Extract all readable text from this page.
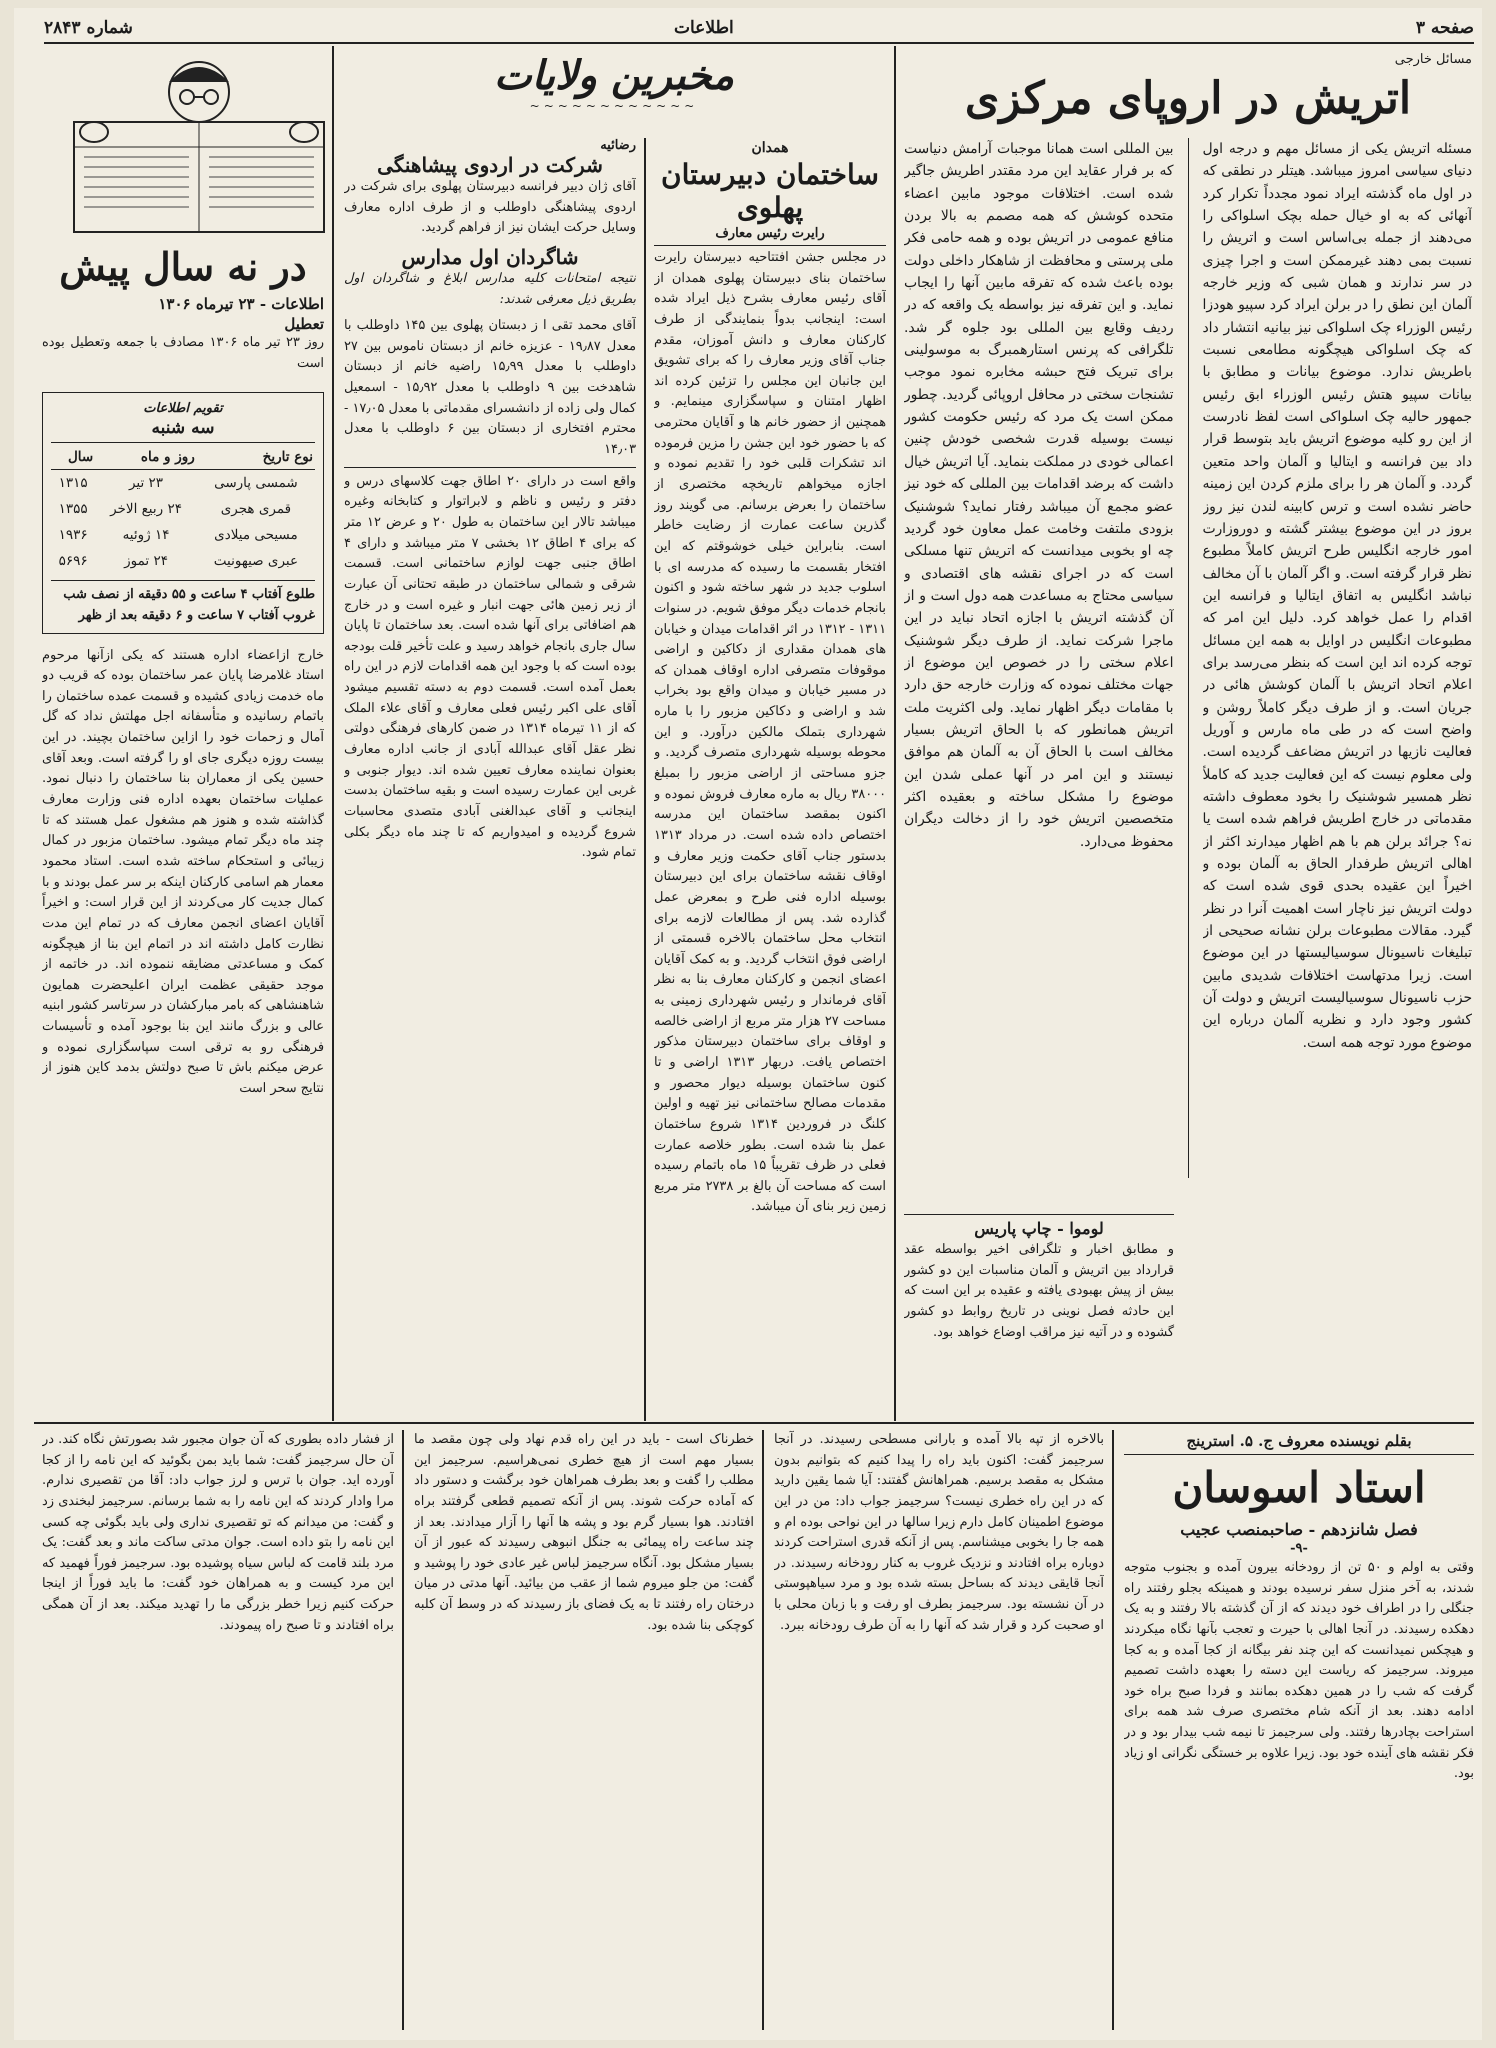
صفحه ۳
اطلاعات
شماره ۲۸۴۳

مسائل خارجی

اتریش در اروپای مرکزی

مسئله اتریش یکی از مسائل مهم و درجه اول دنیای سیاسی امروز میباشد. هیتلر در نطقی که در اول ماه گذشته ایراد نمود مجدداً تکرار کرد آنهائی که به او خیال حمله بچک اسلواکی را می‌دهند از جمله بی‌اساس است و اتریش را نسبت بمی دهند غیرممکن است و اجرا چیزی در سر ندارند و همان شبی که وزیر خارجه آلمان این نطق را در برلن ایراد کرد سپیو هودزا رئیس الوزراء چک اسلواکی نیز بیانیه انتشار داد که چک اسلواکی هیچگونه مطامعی نسبت باطریش ندارد. موضوع بیانات و مطابق با بیانات سپیو هتش رئیس الوزراء ابق رئیس جمهور حالیه چک اسلواکی است لفظ نادرست از این رو کلیه موضوع اتریش باید بتوسط قرار داد بین فرانسه و ایتالیا و آلمان واحد متعین گردد. و آلمان هر را برای ملزم کردن این زمینه حاضر نشده است و ترس کابینه لندن نیز روز بروز در این موضوع بیشتر گشته و دوروزارت امور خارجه انگلیس طرح اتریش کاملاً مطبوع نظر قرار گرفته است. و اگر آلمان با آن مخالف نباشد انگلیس به اتفاق ایتالیا و فرانسه این اقدام را عمل خواهد کرد. دلیل این امر که مطبوعات انگلیس در اوایل به همه این مسائل توجه کرده اند این است که بنظر می‌رسد برای اعلام اتحاد اتریش با آلمان کوشش هائی در جریان است. و از طرف دیگر کاملاً روشن و واضح است که در طی ماه مارس و آوریل فعالیت نازیها در اتریش مضاعف گردیده است. ولی معلوم نیست که این فعالیت جدید که کاملاً نظر همسیر شوشنیک را بخود معطوف داشته مقدماتی در خارج اطریش فراهم شده است یا نه؟ جرائد برلن هم با هم اظهار میدارند اکثر از اهالی اتریش طرفدار الحاق به آلمان بوده و اخیراً این عقیده بحدی قوی شده است که دولت اتریش نیز ناچار است اهمیت آنرا در نظر گیرد. مقالات مطبوعات برلن نشانه صحیحی از تبلیغات ناسیونال سوسیالیستها در این موضوع است. زیرا مدتهاست اختلافات شدیدی مابین حزب ناسیونال سوسیالیست اتریش و دولت آن کشور وجود دارد و نظریه آلمان درباره این موضوع مورد توجه همه است.

بین المللی است همانا موجبات آرامش دنیاست که بر فرار عقاید این مرد مقتدر اطریش جاگیر شده است. اختلافات موجود مابین اعضاء متحده کوشش که همه مصمم به بالا بردن منافع عمومی در اتریش بوده و همه حامی فکر ملی پرستی و محافظت از شاهکار داخلی دولت بوده باعث شده که تفرقه مابین آنها را ایجاب نماید. و این تفرقه نیز بواسطه یک واقعه که در ردیف وقایع بین المللی بود جلوه گر شد. تلگرافی که پرنس استارهمبرگ به موسولینی برای تبریک فتح حبشه مخابره نمود موجب تشنجات سختی در محافل اروپائی گردید. چطور ممکن است یک مرد که رئیس حکومت کشور نیست بوسیله قدرت شخصی خودش چنین اعمالی خودی در مملکت بنماید. آیا اتریش خیال داشت که برضد اقدامات بین المللی که خود نیز عضو مجمع آن میباشد رفتار نماید؟ شوشنیک بزودی ملتفت وخامت عمل معاون خود گردید چه او بخوبی میدانست که اتریش تنها مسلکی است که در اجرای نقشه های اقتصادی و سیاسی محتاج به مساعدت همه دول است و از آن گذشته اتریش با اجازه اتحاد نباید در این ماجرا شرکت نماید. از طرف دیگر شوشنیک اعلام سختی را در خصوص این موضوع از جهات مختلف نموده که وزارت خارجه حق دارد با مقامات دیگر اظهار نماید. ولی اکثریت ملت اتریش همانطور که با الحاق اتریش بسیار مخالف است با الحاق آن به آلمان هم موافق نیستند و این امر در آنها عملی شدن این موضوع را مشکل ساخته و بعقیده اکثر متخصصین اتریش خود را از دخالت دیگران محفوظ می‌دارد.

لومو‌ا - چاپ پاریس

و مطابق اخبار و تلگرافی اخیر بواسطه عقد قرارداد بین اتریش و آلمان مناسبات این دو کشور بیش از پیش بهبودی یافته و عقیده بر این است که این حادثه فصل نوینی در تاریخ روابط دو کشور گشوده و در آتیه نیز مراقب اوضاع خواهد بود.

مخبرین ولایات
~~~~~~~~~~~~

همدان

ساختمان دبیرستان پهلوی

رایرت رئیس معارف

در مجلس جشن افتتاحیه دبیرستان رایرت ساختمان بنای دبیرستان پهلوی همدان از آقای رئیس معارف بشرح ذیل ایراد شده است: اینجانب بدواً بنمایندگی از طرف کارکنان معارف و دانش آموزان، مقدم جناب آقای وزیر معارف را که برای تشویق این جانبان این مجلس را تزئین کرده اند اظهار امتنان و سپاسگزاری مینمایم. و همچنین از حضور خانم ها و آقایان محترمی که با حضور خود این جشن را مزین فرموده اند تشکرات قلبی خود را تقدیم نموده و اجازه میخواهم تاریخچه مختصری از ساختمان را بعرض برسانم. می گویند روز گذرین ساعت عمارت از رضایت خاطر است. بنابراین خیلی خوشوقتم که این افتخار بقسمت ما رسیده که مدرسه ای با اسلوب جدید در شهر ساخته شود و اکنون بانجام خدمات دیگر موفق شویم. در سنوات ۱۳۱۱ - ۱۳۱۲ در اثر اقدامات میدان و خیابان های همدان مقداری از دکاکین و اراضی موقوفات متصرفی اداره اوقاف همدان که در مسیر خیابان و میدان واقع بود بخراب شد و اراضی و دکاکین مزبور را با ماره شهرداری بتملک مالکین درآورد. و این محوطه بوسیله شهرداری متصرف گردید. و جزو مساحتی از اراضی مزبور را بمبلغ ۳۸۰۰۰ ریال به ماره معارف فروش نموده و اکنون بمقصد ساختمان این مدرسه اختصاص داده شده است. در مرداد ۱۳۱۳ بدستور جناب آقای حکمت وزیر معارف و اوقاف نقشه ساختمان برای این دبیرستان بوسیله اداره فنی طرح و بمعرض عمل گذارده شد. پس از مطالعات لازمه برای انتخاب محل ساختمان بالاخره قسمتی از اراضی فوق انتخاب گردید. و به کمک آقایان اعضای انجمن و کارکنان معارف بنا به نظر آقای فرماندار و رئیس شهرداری زمینی به مساحت ۲۷ هزار متر مربع از اراضی خالصه و اوقاف برای ساختمان دبیرستان مذکور اختصاص یافت. دربهار ۱۳۱۳ اراضی و تا کنون ساختمان بوسیله دیوار محصور و مقدمات مصالح ساختمانی نیز تهیه و اولین کلنگ در فروردین ۱۳۱۴ شروع ساختمان عمل بنا شده است. بطور خلاصه عمارت فعلی در ظرف تقریباً ۱۵ ماه باتمام رسیده است که مساحت آن بالغ بر ۲۷۳۸ متر مربع زمین زیر بنای آن میباشد.

رضائیه

شرکت در اردوی پیشاهنگی

آقای ژان دبیر فرانسه دبیرستان پهلوی برای شرکت در اردوی پیشاهنگی داوطلب و از طرف اداره معارف وسایل حرکت ایشان نیز از فراهم گردید.

شاگردان اول مدارس

نتیجه امتحانات کلیه مدارس ابلاغ و شاگردان اول بطریق ذیل معرفی شدند:

آقای محمد تقی ا ز دبستان پهلوی بین ۱۴۵ داوطلب با معدل ۱۹٫۸۷ - عزیزه خانم از دبستان ناموس بین ۲۷ داوطلب با معدل ۱۵٫۹۹ راضیه خانم از دبستان شاهدخت بین ۹ داوطلب با معدل ۱۵٫۹۲ - اسمعیل کمال ولی زاده از دانشسرای مقدماتی با معدل ۱۷٫۰۵ - محترم افتخاری از دبستان بین ۶ داوطلب با معدل ۱۴٫۰۳

واقع است در دارای ۲۰ اطاق جهت کلاسهای درس و دفتر و رئیس و ناظم و لابراتوار و کتابخانه وغیره میباشد تالار این ساختمان به طول ۲۰ و عرض ۱۲ متر که برای ۴ اطاق ۱۲ بخشی ۷ متر میباشد و دارای ۴ اطاق جنبی جهت لوازم ساختمانی است. قسمت شرقی و شمالی ساختمان در طبقه تحتانی آن عبارت از زیر زمین هائی جهت انبار و غیره است و در خارج هم اضافاتی برای آنها شده است. بعد ساختمان تا پایان سال جاری بانجام خواهد رسید و علت تأخیر قلت بودجه بوده است که با وجود این همه اقدامات لازم در این راه بعمل آمده است. قسمت دوم به دسته تقسیم میشود آقای علی اکبر رئیس فعلی معارف و آقای علاء الملک که از ۱۱ تیرماه ۱۳۱۴ در ضمن کارهای فرهنگی دولتی نظر عقل آقای عبدالله آبادی از جانب اداره معارف بعنوان نماینده معارف تعیین شده اند. دیوار جنوبی و غربی این عمارت رسیده است و بقیه ساختمان بدست اینجانب و آقای عبدالغنی آبادی متصدی محاسبات شروع گردیده و امیدواریم که تا چند ماه دیگر بکلی تمام شود.

در نه سال پیش

اطلاعات - ۲۳ تیرماه ۱۳۰۶

تعطیل

روز ۲۳ تیر ماه ۱۳۰۶ مصادف با جمعه وتعطیل بوده است

تقویم اطلاعات

سه شنبه

نوع تاریخ	روز و ماه	سال
شمسی پارسی	۲۳ تیر	۱۳۱۵
قمری هجری	۲۴ ربیع الاخر	۱۳۵۵
مسیحی میلادی	۱۴ ژوئیه	۱۹۳۶
عبری صیهونیت	۲۴ تموز	۵۶۹۶

طلوع آفتاب ۴ ساعت و ۵۵ دقیقه از نصف شب

غروب آفتاب ۷ ساعت و ۶ دقیقه بعد از ظهر

خارج ازاعضاء اداره هستند که یکی ازآنها مرحوم استاد غلامرضا پایان عمر ساختمان بوده که قریب دو ماه خدمت زیادی کشیده و قسمت عمده ساختمان را باتمام رسانیده و متأسفانه اجل مهلتش نداد که گل آمال و زحمات خود را ازاین ساختمان بچیند. در این بیست روزه دیگری جای او را گرفته است. وبعد آقای حسین یکی از معماران بنا ساختمان را دنبال نمود. عملیات ساختمان بعهده اداره فنی وزارت معارف گذاشته شده و هنوز هم مشغول عمل هستند که تا چند ماه دیگر تمام میشود. ساختمان مزبور در کمال زیبائی و استحکام ساخته شده است. استاد محمود معمار هم اسامی کارکنان اینکه بر سر عمل بودند و با کمال جدیت کار می‌کردند از این قرار است: و اخیراً آقایان اعضای انجمن معارف که در تمام این مدت نظارت کامل داشته اند در اتمام این بنا از هیچگونه کمک و مساعدتی مضایقه ننموده اند. در خاتمه از موجد حقیقی عظمت ایران اعلیحضرت همایون شاهنشاهی که بامر مبارکشان در سرتاسر کشور ابنیه عالی و بزرگ مانند این بنا بوجود آمده و تأسیسات فرهنگی رو به ترقی است سپاسگزاری نموده و عرض میکنم باش تا صبح دولتش بدمد کاین هنوز از نتایج سحر است

بقلم نویسنده معروف ج. ۵. استرینج

استاد اسوسان

فصل شانزدهم - صاحبمنصب عجیب

-۹-

وقتی به اولم و ۵۰ تن از رودخانه بیرون آمده و بجنوب متوجه شدند، به آخر منزل سفر نرسیده بودند و همینکه بجلو رفتند راه جنگلی را در اطراف خود دیدند که از آن گذشته بالا رفتند و به یک دهکده رسیدند. در آنجا اهالی با حیرت و تعجب بآنها نگاه میکردند و هیچکس نمیدانست که این چند نفر بیگانه از کجا آمده و به کجا میروند. سرجیمز که ریاست این دسته را بعهده داشت تصمیم گرفت که شب را در همین دهکده بمانند و فردا صبح براه خود ادامه دهند. بعد از آنکه شام مختصری صرف شد همه برای استراحت بچادرها رفتند. ولی سرجیمز تا نیمه شب بیدار بود و در فکر نقشه های آینده خود بود. زیرا علاوه بر خستگی نگرانی او زیاد بود.

بالاخره از تپه بالا آمده و بارانی مسطحی رسیدند. در آنجا سرجیمز گفت: اکنون باید راه را پیدا کنیم که بتوانیم بدون مشکل به مقصد برسیم. همراهانش گفتند: آیا شما یقین دارید که در این راه خطری نیست؟ سرجیمز جواب داد: من در این موضوع اطمینان کامل دارم زیرا سالها در این نواحی بوده ام و همه جا را بخوبی میشناسم. پس از آنکه قدری استراحت کردند دوباره براه افتادند و نزدیک غروب به کنار رودخانه رسیدند. در آنجا قایقی دیدند که بساحل بسته شده بود و مرد سیاهپوستی در آن نشسته بود. سرجیمز بطرف او رفت و با زبان محلی با او صحبت کرد و قرار شد که آنها را به آن طرف رودخانه ببرد.

خطرناک است - باید در این راه قدم نهاد ولی چون مقصد ما بسیار مهم است از هیچ خطری نمی‌هراسیم. سرجیمز این مطلب را گفت و بعد بطرف همراهان خود برگشت و دستور داد که آماده حرکت شوند. پس از آنکه تصمیم قطعی گرفتند براه افتادند. هوا بسیار گرم بود و پشه ها آنها را آزار میدادند. بعد از چند ساعت راه پیمائی به جنگل انبوهی رسیدند که عبور از آن بسیار مشکل بود. آنگاه سرجیمز لباس غیر عادی خود را پوشید و گفت: من جلو میروم شما از عقب من بیائید. آنها مدتی در میان درختان راه رفتند تا به یک فضای باز رسیدند که در وسط آن کلبه کوچکی بنا شده بود.

از فشار داده بطوری که آن جوان مجبور شد بصورتش نگاه کند. در آن حال سرجیمز گفت: شما باید بمن بگوئید که این نامه را از کجا آورده اید. جوان با ترس و لرز جواب داد: آقا من تقصیری ندارم. مرا وادار کردند که این نامه را به شما برسانم. سرجیمز لبخندی زد و گفت: من میدانم که تو تقصیری نداری ولی باید بگوئی چه کسی این نامه را بتو داده است. جوان مدتی ساکت ماند و بعد گفت: یک مرد بلند قامت که لباس سیاه پوشیده بود. سرجیمز فوراً فهمید که این مرد کیست و به همراهان خود گفت: ما باید فوراً از اینجا حرکت کنیم زیرا خطر بزرگی ما را تهدید میکند. بعد از آن همگی براه افتادند و تا صبح راه پیمودند.
